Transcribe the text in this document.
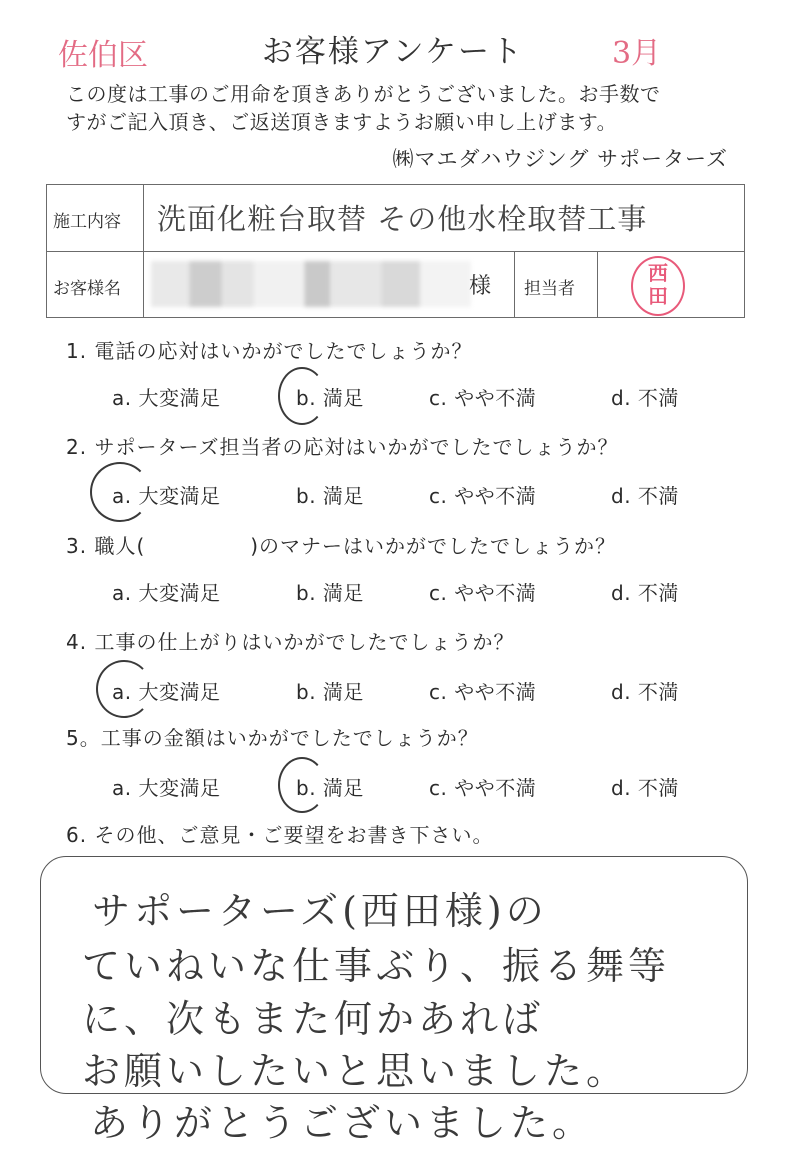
佐伯区	お客様アンケート	3月
この度は工事のご用命を頂きありがとうございました。お手数で
すがご記入頂き、ご返送頂きますようお願い申し上げます。
㈱マエダハウジング サポーターズ
施工内容 洗面化粧台取替 その他水栓取替工事
お客様名	様 担当者
西
田
1. 電話の応対はいかがでしたでしょうか？
a. 大変満足	b. 満足	c. やや不満	d. 不満
2. サポーターズ担当者の応対はいかがでしたでしょうか？
a. 大変満足	b. 満足	c. やや不満	d. 不満
3. 職人(　　　　　)のマナーはいかがでしたでしょうか？
a. 大変満足	b. 満足	c. やや不満	d. 不満
4. 工事の仕上がりはいかがでしたでしょうか？
a. 大変満足	b. 満足	c. やや不満	d. 不満
5。工事の金額はいかがでしたでしょうか？
a. 大変満足	b. 満足	c. やや不満	d. 不満
6. その他、ご意見・ご要望をお書き下さい。
サポーターズ(西田様)の
ていねいな仕事ぶり、振る舞等
に、次もまた何かあれば
お願いしたいと思いました。
ありがとうございました。
